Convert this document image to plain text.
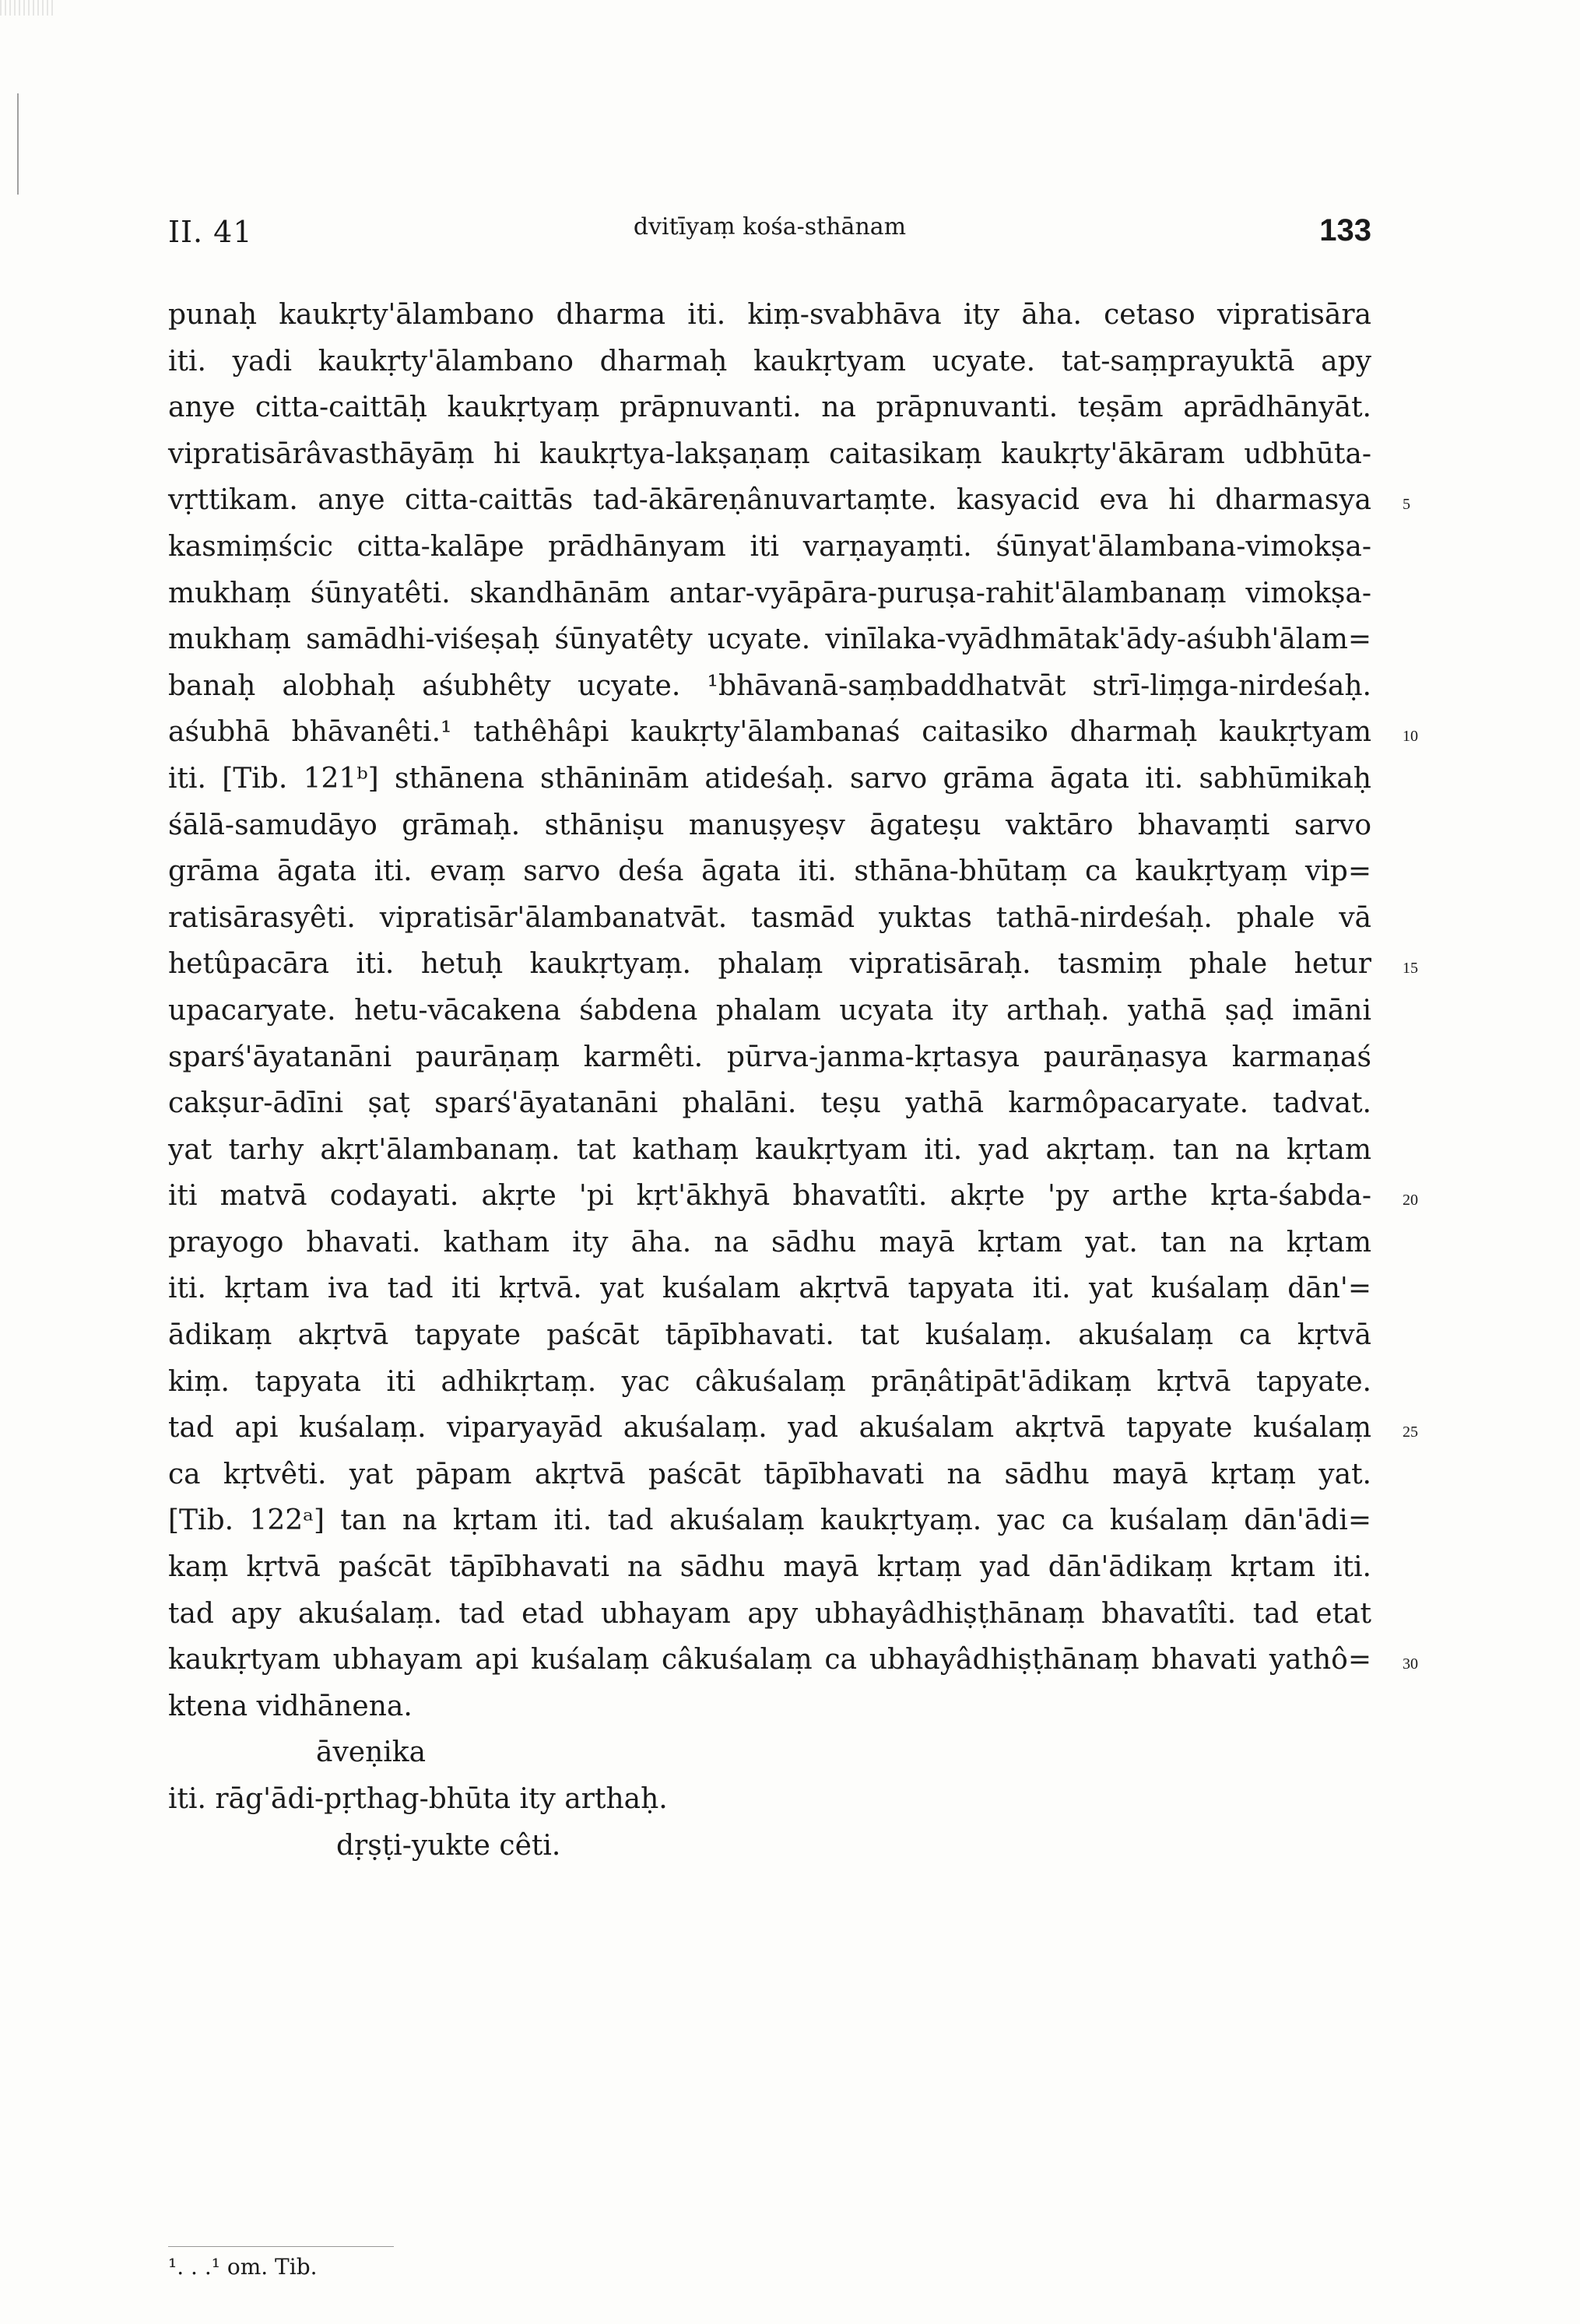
II. 41	dvitīyaṃ kośa-sthānam	133
punaḥ kaukṛty'ālambano dharma iti. kiṃ-svabhāva ity āha. cetaso vipratisāra
iti. yadi kaukṛty'ālambano dharmaḥ kaukṛtyam ucyate. tat-saṃprayuktā apy
anye citta-caittāḥ kaukṛtyaṃ prāpnuvanti. na prāpnuvanti. teṣām aprādhānyāt.
vipratisārâvasthāyāṃ hi kaukṛtya-lakṣaṇaṃ caitasikaṃ kaukṛty'ākāram udbhūta-
vṛttikam. anye citta-caittās tad-ākāreṇânuvartaṃte. kasyacid eva hi dharmasya 5
kasmiṃścic citta-kalāpe prādhānyam iti varṇayaṃti. śūnyat'ālambana-vimokṣa-
mukhaṃ śūnyatêti. skandhānām antar-vyāpāra-puruṣa-rahit'ālambanaṃ vimokṣa-
mukhaṃ samādhi-viśeṣaḥ śūnyatêty ucyate. vinīlaka-vyādhmātak'ādy-aśubh'ālam=
banaḥ alobhaḥ aśubhêty ucyate. ¹bhāvanā-saṃbaddhatvāt strī-liṃga-nirdeśaḥ.
aśubhā bhāvanêti.¹ tathêhâpi kaukṛty'ālambanaś caitasiko dharmaḥ kaukṛtyam 10
iti. [Tib. 121ᵇ] sthānena sthāninām atideśaḥ. sarvo grāma āgata iti. sabhūmikaḥ
śālā-samudāyo grāmaḥ. sthāniṣu manuṣyeṣv āgateṣu vaktāro bhavaṃti sarvo
grāma āgata iti. evaṃ sarvo deśa āgata iti. sthāna-bhūtaṃ ca kaukṛtyaṃ vip=
ratisārasyêti. vipratisār'ālambanatvāt. tasmād yuktas tathā-nirdeśaḥ. phale vā
hetûpacāra iti. hetuḥ kaukṛtyaṃ. phalaṃ vipratisāraḥ. tasmiṃ phale hetur 15
upacaryate. hetu-vācakena śabdena phalam ucyata ity arthaḥ. yathā ṣaḍ imāni
sparś'āyatanāni paurāṇaṃ karmêti. pūrva-janma-kṛtasya paurāṇasya karmaṇaś
cakṣur-ādīni ṣaṭ sparś'āyatanāni phalāni. teṣu yathā karmôpacaryate. tadvat.
yat tarhy akṛt'ālambanaṃ. tat kathaṃ kaukṛtyam iti. yad akṛtaṃ. tan na kṛtam
iti matvā codayati. akṛte 'pi kṛt'ākhyā bhavatîti. akṛte 'py arthe kṛta-śabda- 20
prayogo bhavati. katham ity āha. na sādhu mayā kṛtam yat. tan na kṛtam
iti. kṛtam iva tad iti kṛtvā. yat kuśalam akṛtvā tapyata iti. yat kuśalaṃ dān'=
ādikaṃ akṛtvā tapyate paścāt tāpībhavati. tat kuśalaṃ. akuśalaṃ ca kṛtvā
kiṃ. tapyata iti adhikṛtaṃ. yac câkuśalaṃ prāṇâtipāt'ādikaṃ kṛtvā tapyate.
tad api kuśalaṃ. viparyayād akuśalaṃ. yad akuśalam akṛtvā tapyate kuśalaṃ 25
ca kṛtvêti. yat pāpam akṛtvā paścāt tāpībhavati na sādhu mayā kṛtaṃ yat.
[Tib. 122ᵃ] tan na kṛtam iti. tad akuśalaṃ kaukṛtyaṃ. yac ca kuśalaṃ dān'ādi=
kaṃ kṛtvā paścāt tāpībhavati na sādhu mayā kṛtaṃ yad dān'ādikaṃ kṛtam iti.
tad apy akuśalaṃ. tad etad ubhayam apy ubhayâdhiṣṭhānaṃ bhavatîti. tad etat
kaukṛtyam ubhayam api kuśalaṃ câkuśalaṃ ca ubhayâdhiṣṭhānaṃ bhavati yathô= 30
ktena vidhānena.
āveṇika
iti. rāg'ādi-pṛthag-bhūta ity arthaḥ.
dṛṣṭi-yukte cêti.
¹. . .¹ om. Tib.
